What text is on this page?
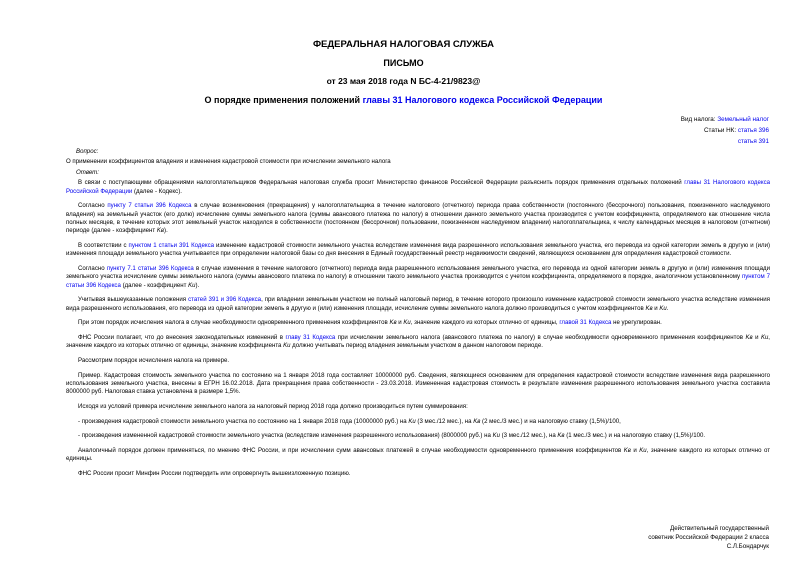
ФЕДЕРАЛЬНАЯ НАЛОГОВАЯ СЛУЖБА
ПИСЬМО
от 23 мая 2018 года N БС-4-21/9823@
О порядке применения положений главы 31 Налогового кодекса Российской Федерации
Вид налога: Земельный налог
Статьи НК: статья 396
статья 391

Вопрос:

О применении коэффициентов владения и изменения кадастровой стоимости при исчислении земельного налога

Ответ:

В связи с поступающими обращениями налогоплательщиков Федеральная налоговая служба просит Министерство финансов Российской Федерации разъяснить порядок применения отдельных положений главы 31 Налогового кодекса Российской Федерации (далее - Кодекс).

Согласно пункту 7 статьи 396 Кодекса в случае возникновения (прекращения) у налогоплательщика в течение налогового (отчетного) периода права собственности (постоянного (бессрочного) пользования, пожизненного наследуемого владения) на земельный участок (его долю) исчисление суммы земельного налога (суммы авансового платежа по налогу) в отношении данного земельного участка производится с учетом коэффициента, определяемого как отношение числа полных месяцев, в течение которых этот земельный участок находился в собственности (постоянном (бессрочном) пользовании, пожизненном наследуемом владении) налогоплательщика, к числу календарных месяцев в налоговом (отчетном) периоде (далее - коэффициент Kв).

В соответствии с пунктом 1 статьи 391 Кодекса изменение кадастровой стоимости земельного участка вследствие изменения вида разрешенного использования земельного участка, его перевода из одной категории земель в другую и (или) изменения площади земельного участка учитывается при определении налоговой базы со дня внесения в Единый государственный реестр недвижимости сведений, являющихся основанием для определения кадастровой стоимости.

Согласно пункту 7.1 статьи 396 Кодекса в случае изменения в течение налогового (отчетного) периода вида разрешенного использования земельного участка, его перевода из одной категории земель в другую и (или) изменения площади земельного участка исчисление суммы земельного налога (суммы авансового платежа по налогу) в отношении такого земельного участка производится с учетом коэффициента, определяемого в порядке, аналогичном установленному пунктом 7 статьи 396 Кодекса (далее - коэффициент Kи).

Учитывая вышеуказанные положения статей 391 и 396 Кодекса, при владении земельным участком не полный налоговый период, в течение которого произошло изменение кадастровой стоимости земельного участка вследствие изменения вида разрешенного использования, его перевода из одной категории земель в другую и (или) изменения площади, исчисление суммы земельного налога должно производиться с учетом коэффициентов Kв и Kи.

При этом порядок исчисления налога в случае необходимости одновременного применения коэффициентов Kв и Kи, значение каждого из которых отлично от единицы, главой 31 Кодекса не урегулирован.

ФНС России полагает, что до внесения законодательных изменений в главу 31 Кодекса при исчислении земельного налога (авансового платежа по налогу) в случае необходимости одновременного применения коэффициентов Kв и Kи, значение каждого из которых отлично от единицы, значение коэффициента Kи должно учитывать период владения земельным участком в данном налоговом периоде.

Рассмотрим порядок исчисления налога на примере.

Пример. Кадастровая стоимость земельного участка по состоянию на 1 января 2018 года составляет 10000000 руб. Сведения, являющиеся основанием для определения кадастровой стоимости вследствие изменения вида разрешенного использования земельного участка, внесены в ЕГРН 16.02.2018. Дата прекращения права собственности - 23.03.2018. Измененная кадастровая стоимость в результате изменения разрешенного использования земельного участка составила 8000000 руб. Налоговая ставка установлена в размере 1,5%.

Исходя из условий примера исчисление земельного налога за налоговый период 2018 года должно производиться путем суммирования:

- произведения кадастровой стоимости земельного участка по состоянию на 1 января 2018 года (10000000 руб.) на Kи (3 мес./12 мес.), на Kв (2 мес./3 мес.) и на налоговую ставку (1,5%)/100,

- произведения измененной кадастровой стоимости земельного участка (вследствие изменения разрешенного использования) (8000000 руб.) на Kи (3 мес./12 мес.), на Kв (1 мес./3 мес.) и на налоговую ставку (1,5%)/100.

Аналогичный порядок должен применяться, по мнению ФНС России, и при исчислении сумм авансовых платежей в случае необходимости одновременного применения коэффициентов Kв и Kи, значение каждого из которых отлично от единицы.

ФНС России просит Минфин России подтвердить или опровергнуть вышеизложенную позицию.

Действительный государственный
советник Российской Федерации 2 класса
С.Л.Бондарчук
